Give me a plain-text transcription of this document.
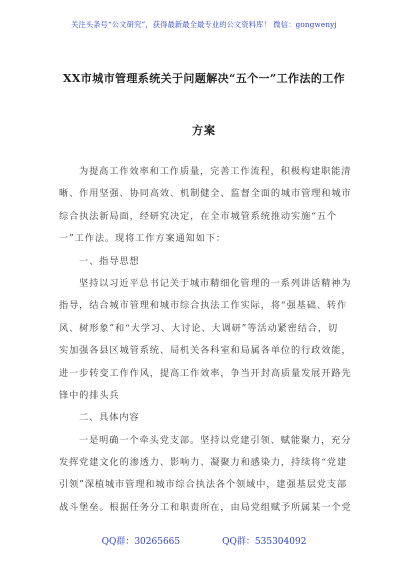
关注头条号“公文研究”，获得最新最全最专业的公文资料库！ 微信：gongwenyj
XX市城市管理系统关于问题解决“五个一”工作法的工作
方案
为提高工作效率和工作质量，完善工作流程，积极构建职能清
晰、作用坚强、协同高效、机制健全、监督全面的城市管理和城市
综合执法新局面，经研究决定，在全市城管系统推动实施“五个
一”工作法。现将工作方案通知如下：
一、指导思想
坚持以习近平总书记关于城市精细化管理的一系列讲话精神为
指导，结合城市管理和城市综合执法工作实际，将“强基础、转作
风、树形象”和“大学习、大讨论、大调研”等活动紧密结合，切
实加强各县区城管系统、局机关各科室和局属各单位的行政效能，
进一步转变工作作风，提高工作效率，争当开封高质量发展开路先
锋中的排头兵
二、具体内容
一是明确一个牵头党支部。坚持以党建引领、赋能聚力，充分
发挥党建文化的渗透力、影响力、凝聚力和感染力，持续将“党建
引领”深植城市管理和城市综合执法各个领域中，建强基层党支部
战斗堡垒。根据任务分工和职责所在，由局党组赋予所属某一个党
QQ群：30265665	QQ群：535304092
